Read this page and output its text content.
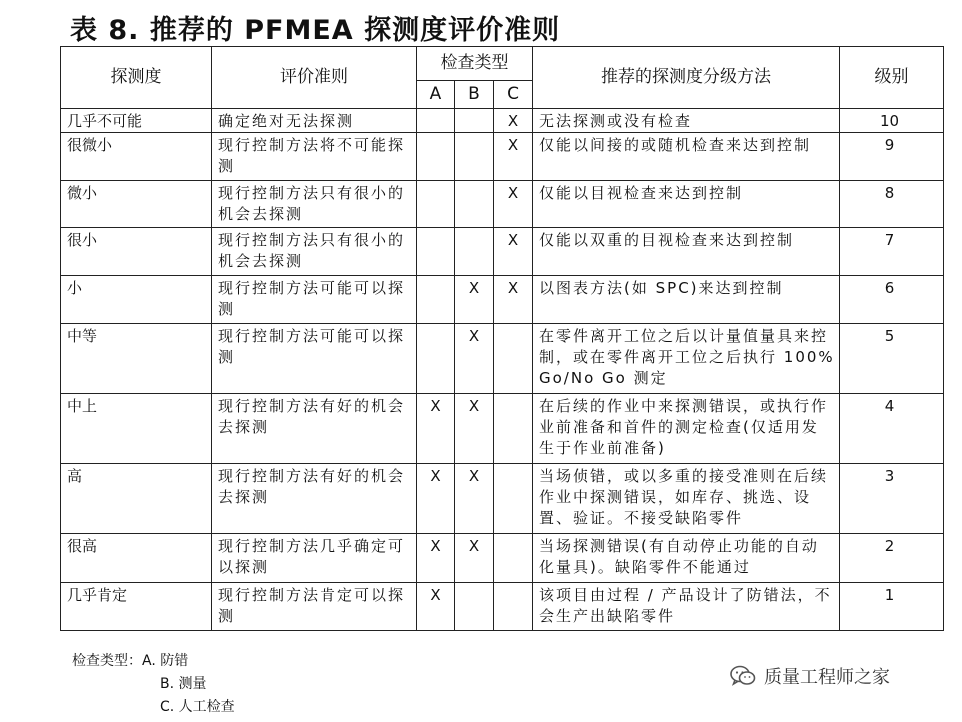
表 8. 推荐的 PFMEA 探测度评价准则
探测度	评价准则	检查类型			推荐的探测度分级方法	级别
		A	B	C		
几乎不可能	确定绝对无法探测			X	无法探测或没有检查	10
很微小	现行控制方法将不可能探测			X	仅能以间接的或随机检查来达到控制	9
微小	现行控制方法只有很小的机会去探测			X	仅能以目视检查来达到控制	8
很小	现行控制方法只有很小的机会去探测			X	仅能以双重的目视检查来达到控制	7
小	现行控制方法可能可以探测		X	X	以图表方法(如 SPC)来达到控制	6
中等	现行控制方法可能可以探测		X		在零件离开工位之后以计量值量具来控制，或在零件离开工位之后执行 100% Go/No Go 测定	5
中上	现行控制方法有好的机会去探测	X	X		在后续的作业中来探测错误，或执行作业前准备和首件的测定检查(仅适用发生于作业前准备)	4
高	现行控制方法有好的机会去探测	X	X		当场侦错，或以多重的接受准则在后续作业中探测错误，如库存、挑选、设置、验证。不接受缺陷零件	3
很高	现行控制方法几乎确定可以探测	X	X		当场探测错误(有自动停止功能的自动化量具)。缺陷零件不能通过	2
几乎肯定	现行控制方法肯定可以探测	X			该项目由过程 / 产品设计了防错法，不会生产出缺陷零件	1
检查类型：A. 防错
B. 测量
C. 人工检查
质量工程师之家
